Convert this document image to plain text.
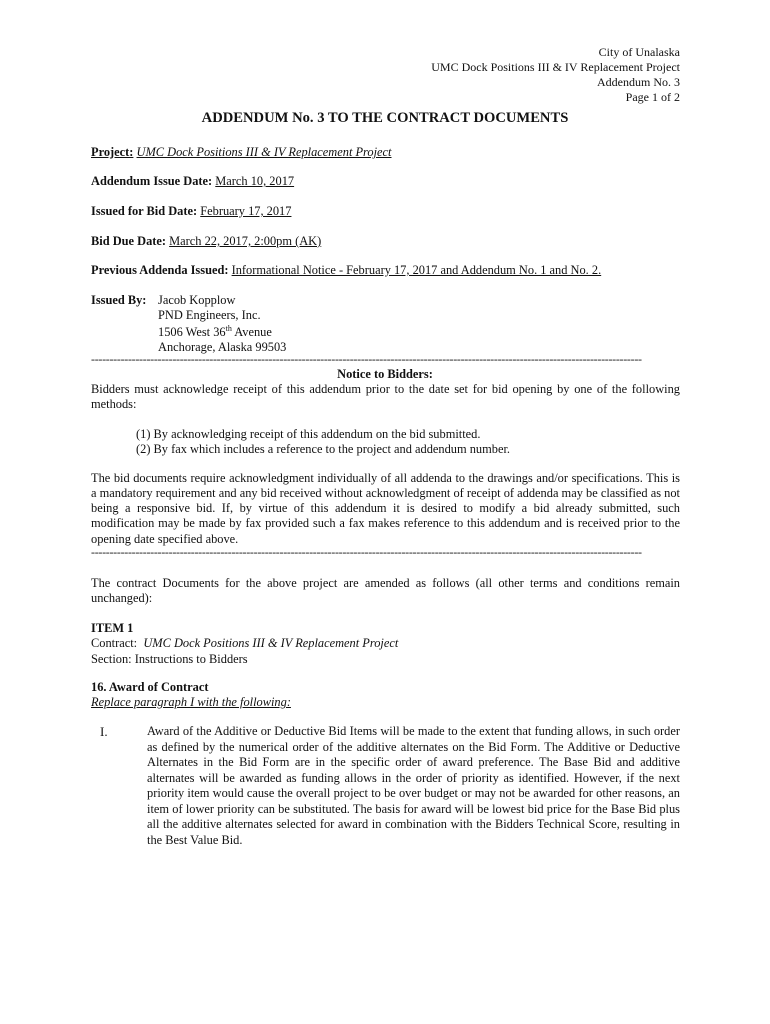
City of Unalaska
UMC Dock Positions III & IV Replacement Project
Addendum No. 3
Page 1 of 2
ADDENDUM No. 3 TO THE CONTRACT DOCUMENTS
Project: UMC Dock Positions III & IV Replacement Project
Addendum Issue Date: March 10, 2017
Issued for Bid Date: February 17, 2017
Bid Due Date: March 22, 2017, 2:00pm (AK)
Previous Addenda Issued: Informational Notice - February 17, 2017 and Addendum No. 1 and No. 2.
Issued By: Jacob Kopplow
PND Engineers, Inc.
1506 West 36th Avenue
Anchorage, Alaska 99503
-----------------------------------------------------------------------------------------------------------------------------------------------------
Notice to Bidders:
Bidders must acknowledge receipt of this addendum prior to the date set for bid opening by one of the following methods:
(1) By acknowledging receipt of this addendum on the bid submitted.
(2) By fax which includes a reference to the project and addendum number.
The bid documents require acknowledgment individually of all addenda to the drawings and/or specifications. This is a mandatory requirement and any bid received without acknowledgment of receipt of addenda may be classified as not being a responsive bid. If, by virtue of this addendum it is desired to modify a bid already submitted, such modification may be made by fax provided such a fax makes reference to this addendum and is received prior to the opening date specified above.
-----------------------------------------------------------------------------------------------------------------------------------------------------
The contract Documents for the above project are amended as follows (all other terms and conditions remain unchanged):
ITEM 1
Contract: UMC Dock Positions III & IV Replacement Project
Section: Instructions to Bidders
16. Award of Contract
Replace paragraph I with the following:
I.	Award of the Additive or Deductive Bid Items will be made to the extent that funding allows, in such order as defined by the numerical order of the additive alternates on the Bid Form. The Additive or Deductive Alternates in the Bid Form are in the specific order of award preference. The Base Bid and additive alternates will be awarded as funding allows in the order of priority as identified. However, if the next priority item would cause the overall project to be over budget or may not be awarded for other reasons, an item of lower priority can be substituted. The basis for award will be lowest bid price for the Base Bid plus all the additive alternates selected for award in combination with the Bidders Technical Score, resulting in the Best Value Bid.
